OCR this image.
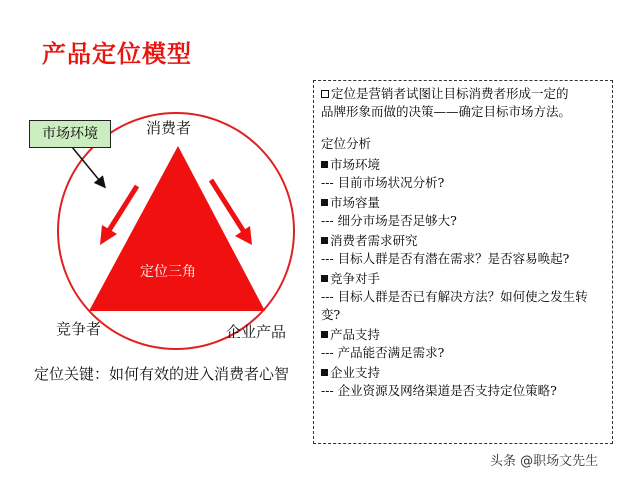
产品定位模型
市场环境	消费者
竞争者	企业产品
定位三角
定位关键：如何有效的进入消费者心智
定位是营销者试图让目标消费者形成一定的
品牌形象而做的决策——确定目标市场方法。
定位分析
市场环境
--- 目前市场状况分析?
市场容量
--- 细分市场是否足够大?
消费者需求研究
--- 目标人群是否有潜在需求？是否容易唤起?
竞争对手
--- 目标人群是否已有解决方法？如何使之发生转变?
产品支持
--- 产品能否满足需求?
企业支持
--- 企业资源及网络渠道是否支持定位策略?
头条 @职场文先生
